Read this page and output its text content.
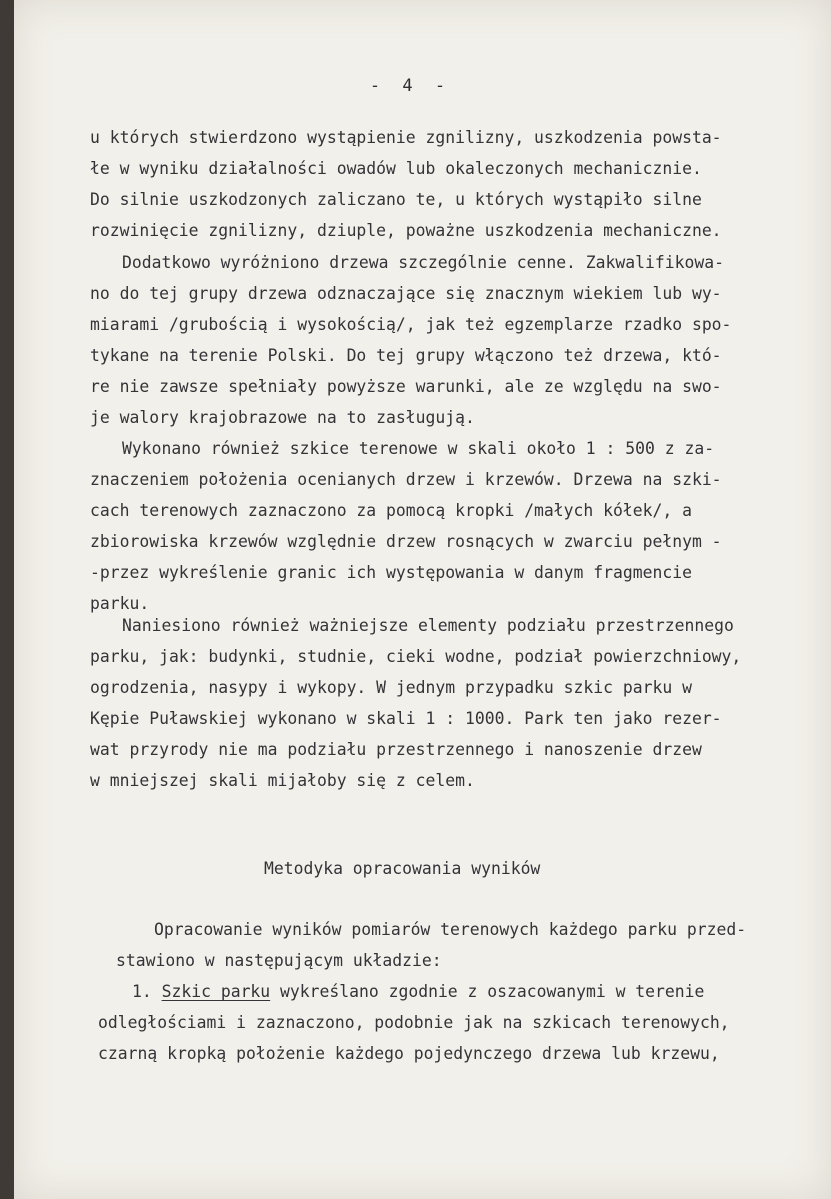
- 4 -
u których stwierdzono wystąpienie zgnilizny, uszkodzenia powsta-
łe w wyniku działalności owadów lub okaleczonych mechanicznie.
Do silnie uszkodzonych zaliczano te, u których wystąpiło silne
rozwinięcie zgnilizny, dziuple, poważne uszkodzenia mechaniczne.
Dodatkowo wyróżniono drzewa szczególnie cenne. Zakwalifikowa-
no do tej grupy drzewa odznaczające się znacznym wiekiem lub wy-
miarami /grubością i wysokością/, jak też egzemplarze rzadko spo-
tykane na terenie Polski. Do tej grupy włączono też drzewa, któ-
re nie zawsze spełniały powyższe warunki, ale ze względu na swo-
je walory krajobrazowe na to zasługują.
Wykonano również szkice terenowe w skali około 1 : 500 z za-
znaczeniem położenia ocenianych drzew i krzewów. Drzewa na szki-
cach terenowych zaznaczono za pomocą kropki /małych kółek/, a
zbiorowiska krzewów względnie drzew rosnących w zwarciu pełnym -
-przez wykreślenie granic ich występowania w danym fragmencie
parku.
Naniesiono również ważniejsze elementy podziału przestrzennego
parku, jak: budynki, studnie, cieki wodne, podział powierzchniowy,
ogrodzenia, nasypy i wykopy. W jednym przypadku szkic parku w
Kępie Puławskiej wykonano w skali 1 : 1000. Park ten jako rezer-
wat przyrody nie ma podziału przestrzennego i nanoszenie drzew
w mniejszej skali mijałoby się z celem.
Metodyka opracowania wyników
Opracowanie wyników pomiarów terenowych każdego parku przed-
stawiono w następującym układzie:
odległościami i zaznaczono, podobnie jak na szkicach terenowych,
czarną kropką położenie każdego pojedynczego drzewa lub krzewu,
1. Szkic parku wykreślano zgodnie z oszacowanymi w terenie
